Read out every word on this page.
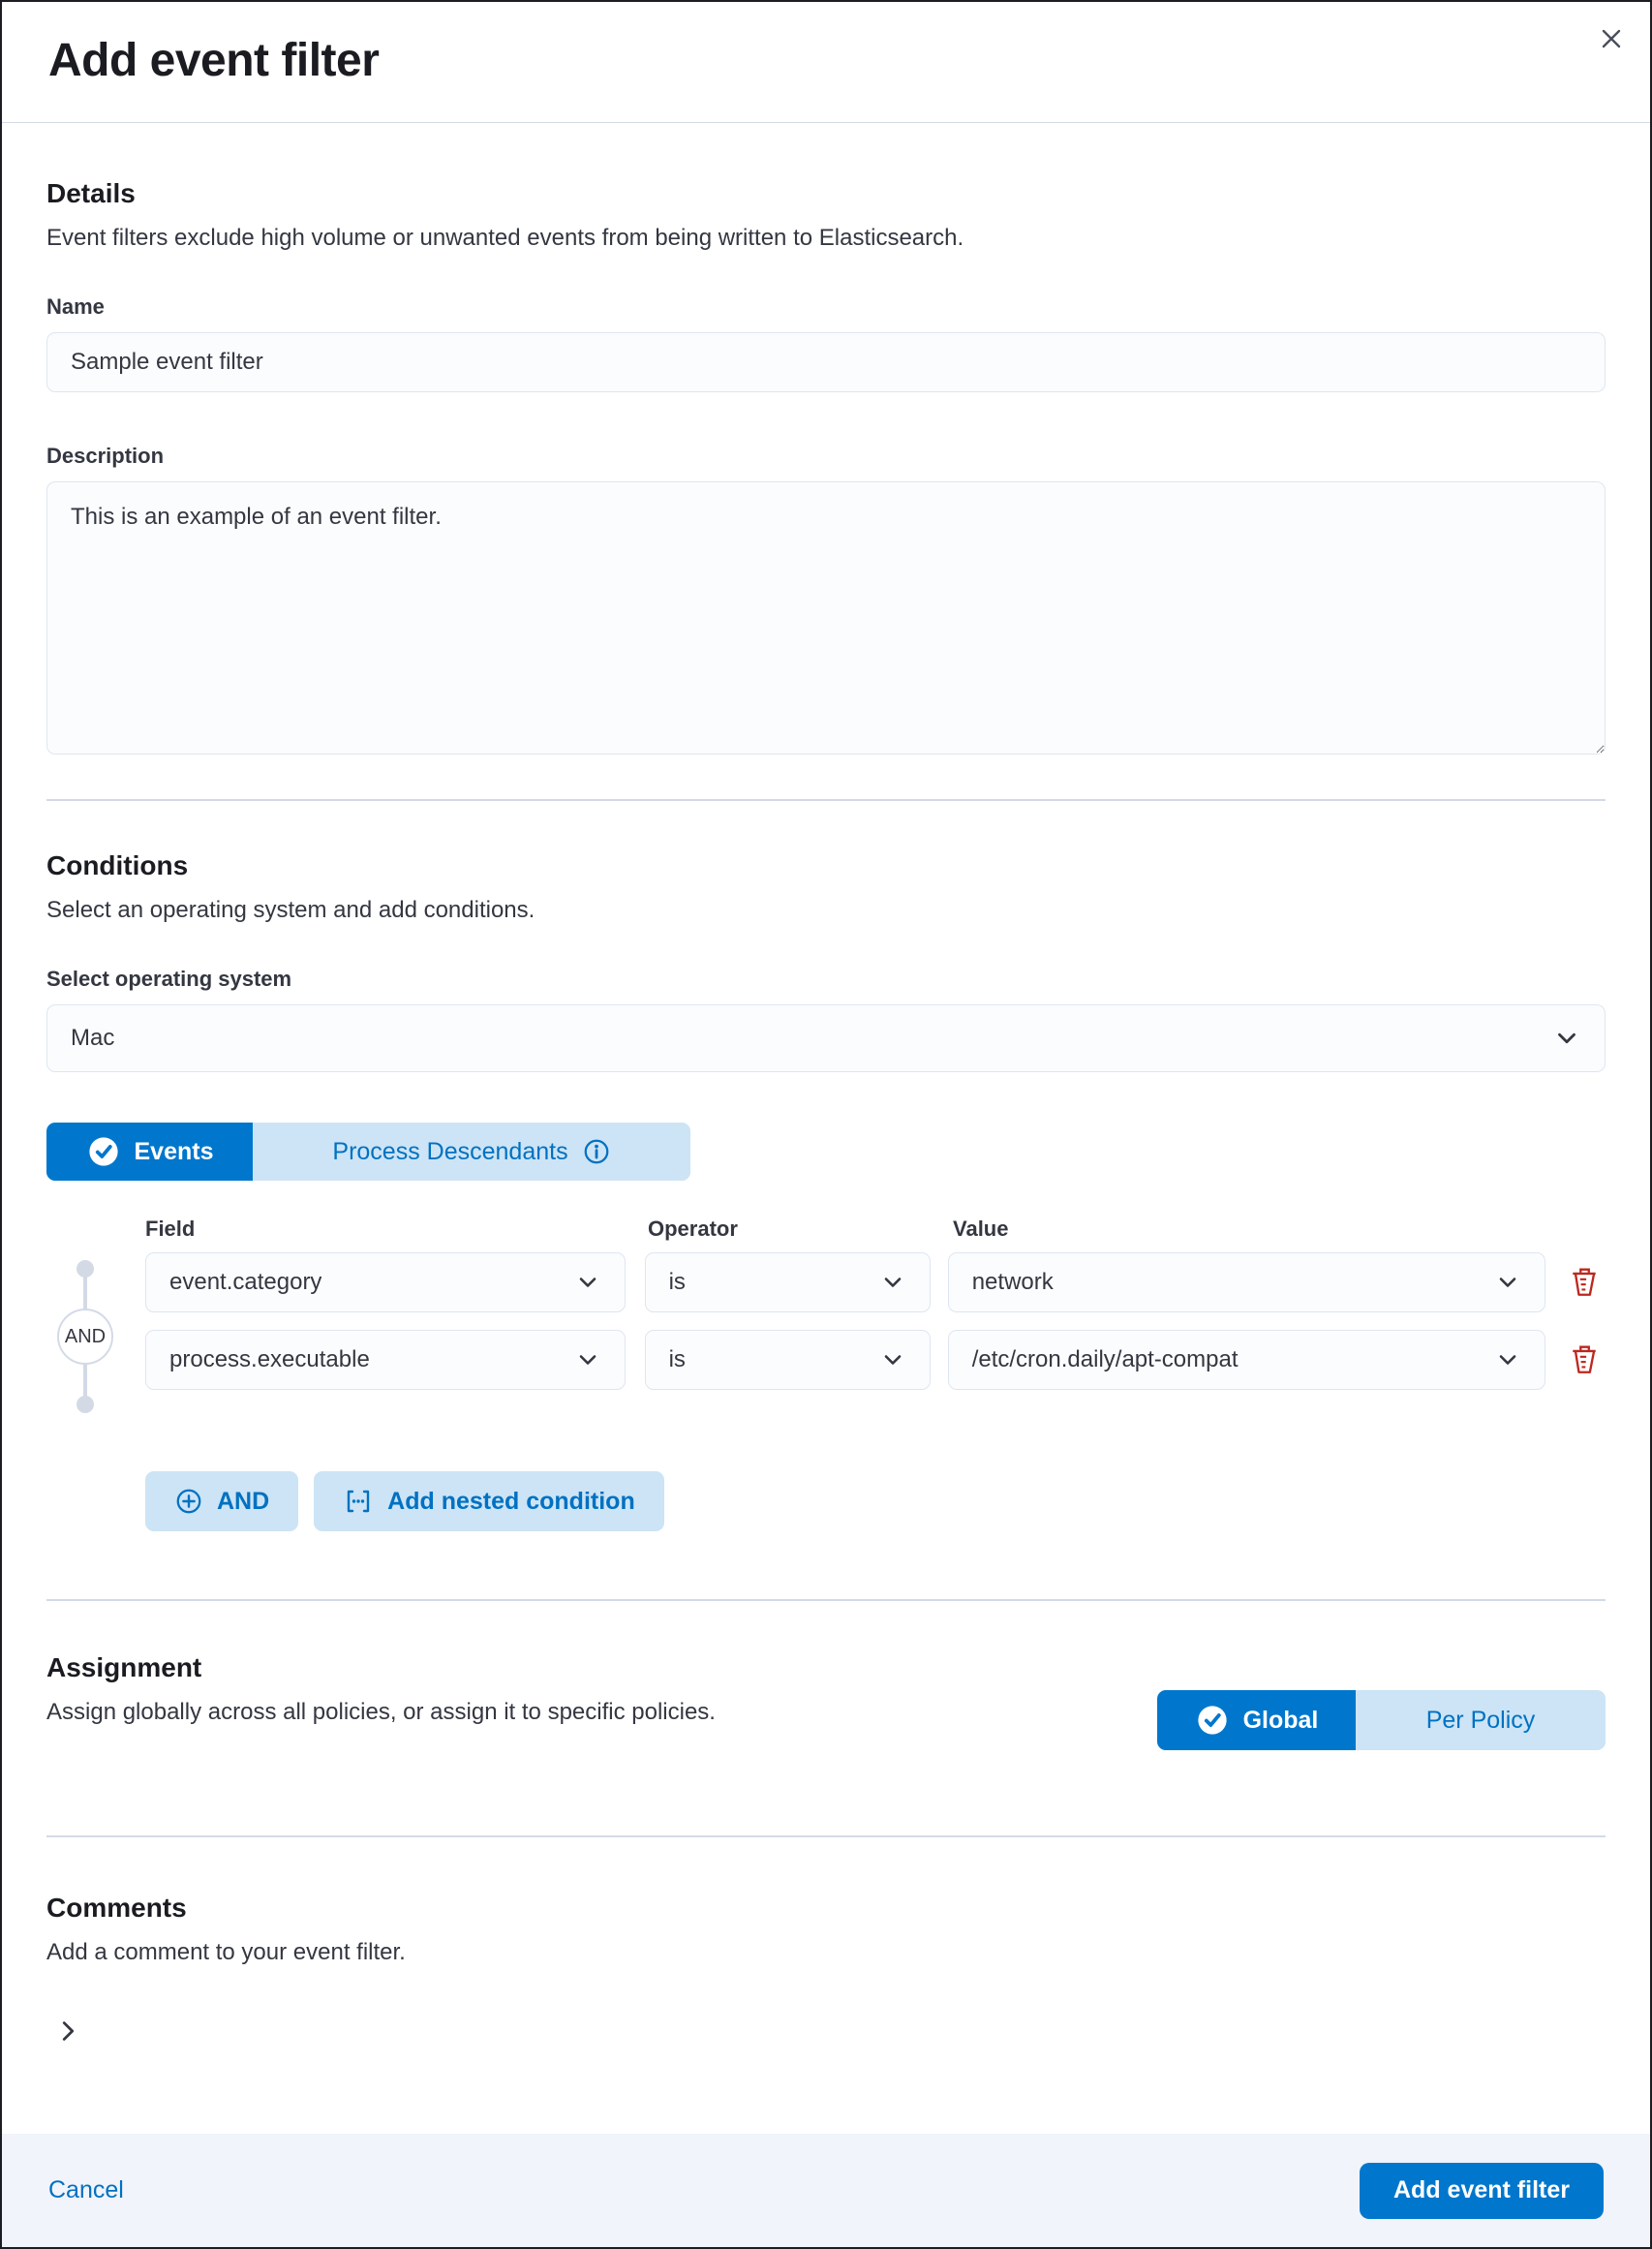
Add event filter
Details

Event filters exclude high volume or unwanted events from being written to Elasticsearch.

Name
Sample event filter
Description
This is an example of an event filter.
Conditions

Select an operating system and add conditions.

Select operating system
Mac
Events	Process Descendants
AND
Field	Operator	Value
event.category	is	network
process.executable	is	/etc/cron.daily/apt-compat
AND	Add nested condition
Assignment

Assign globally across all policies, or assign it to specific policies.	Global	Per Policy
Comments

Add a comment to your event filter.

Cancel	Add event filter
